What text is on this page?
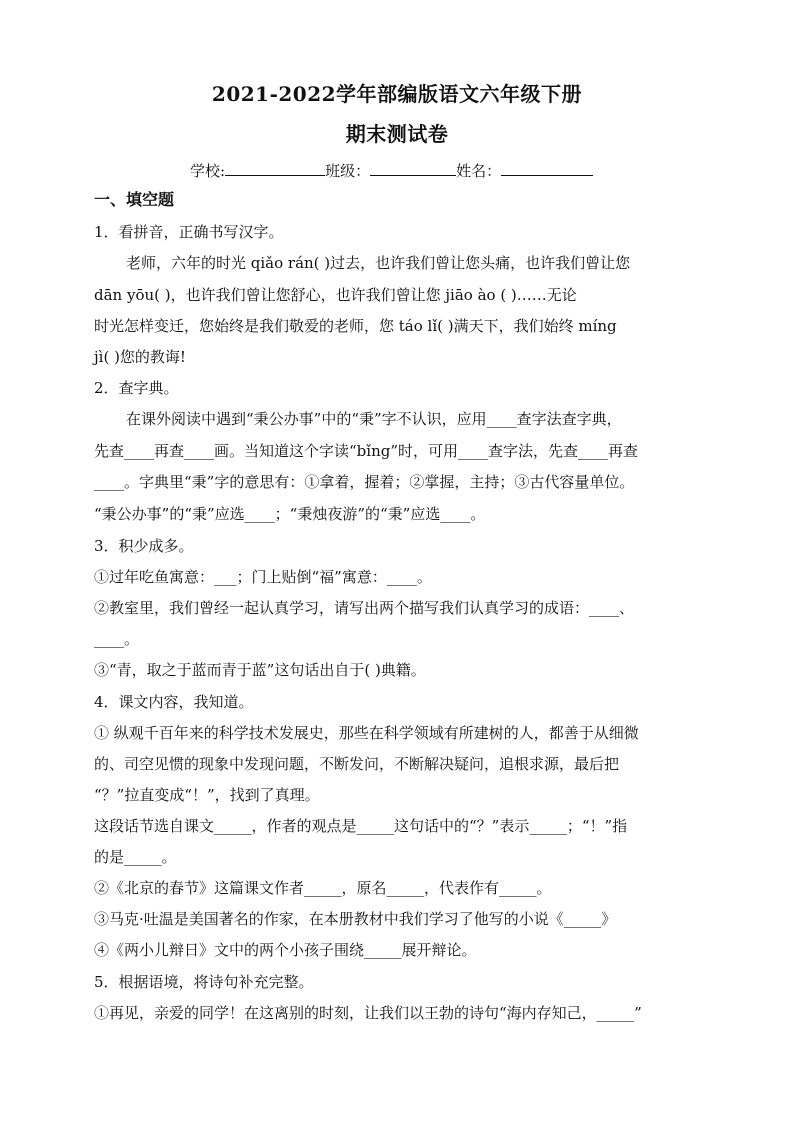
2021-2022学年部编版语文六年级下册
期末测试卷
学校:	班级：	姓名：
一、填空题
1．看拼音，正确书写汉字。
老师，六年的时光 qiǎo rán( )过去，也许我们曾让您头痛，也许我们曾让您
dān yōu( )，也许我们曾让您舒心，也许我们曾让您 jiāo ào ( )……无论
时光怎样变迁，您始终是我们敬爱的老师，您 táo lǐ( )满天下，我们始终 míng
jì( )您的教诲!
2．查字典。
在课外阅读中遇到“秉公办事”中的“秉”字不认识，应用____查字法查字典，
先查____再查____画。当知道这个字读“bǐng”时，可用____查字法，先查____再查
____。字典里“秉”字的意思有：①拿着，握着；②掌握，主持；③古代容量单位。
“秉公办事”的“秉”应选____；“秉烛夜游”的“秉”应选____。
3．积少成多。
①过年吃鱼寓意：___；门上贴倒“福”寓意：____。
②教室里，我们曾经一起认真学习，请写出两个描写我们认真学习的成语：____、
____。
③“青，取之于蓝而青于蓝”这句话出自于( )典籍。
4．课文内容，我知道。
① 纵观千百年来的科学技术发展史，那些在科学领域有所建树的人，都善于从细微
的、司空见惯的现象中发现问题，不断发问，不断解决疑问，追根求源，最后把
“？”拉直变成“！”，找到了真理。
这段话节选自课文_____，作者的观点是_____这句话中的“？”表示_____；“！”指
的是_____。
②《北京的春节》这篇课文作者_____，原名_____，代表作有_____。
③马克·吐温是美国著名的作家，在本册教材中我们学习了他写的小说《_____》
④《两小儿辩日》文中的两个小孩子围绕_____展开辩论。
5．根据语境，将诗句补充完整。
①再见，亲爱的同学！在这离别的时刻，让我们以王勃的诗句“海内存知己，_____”
